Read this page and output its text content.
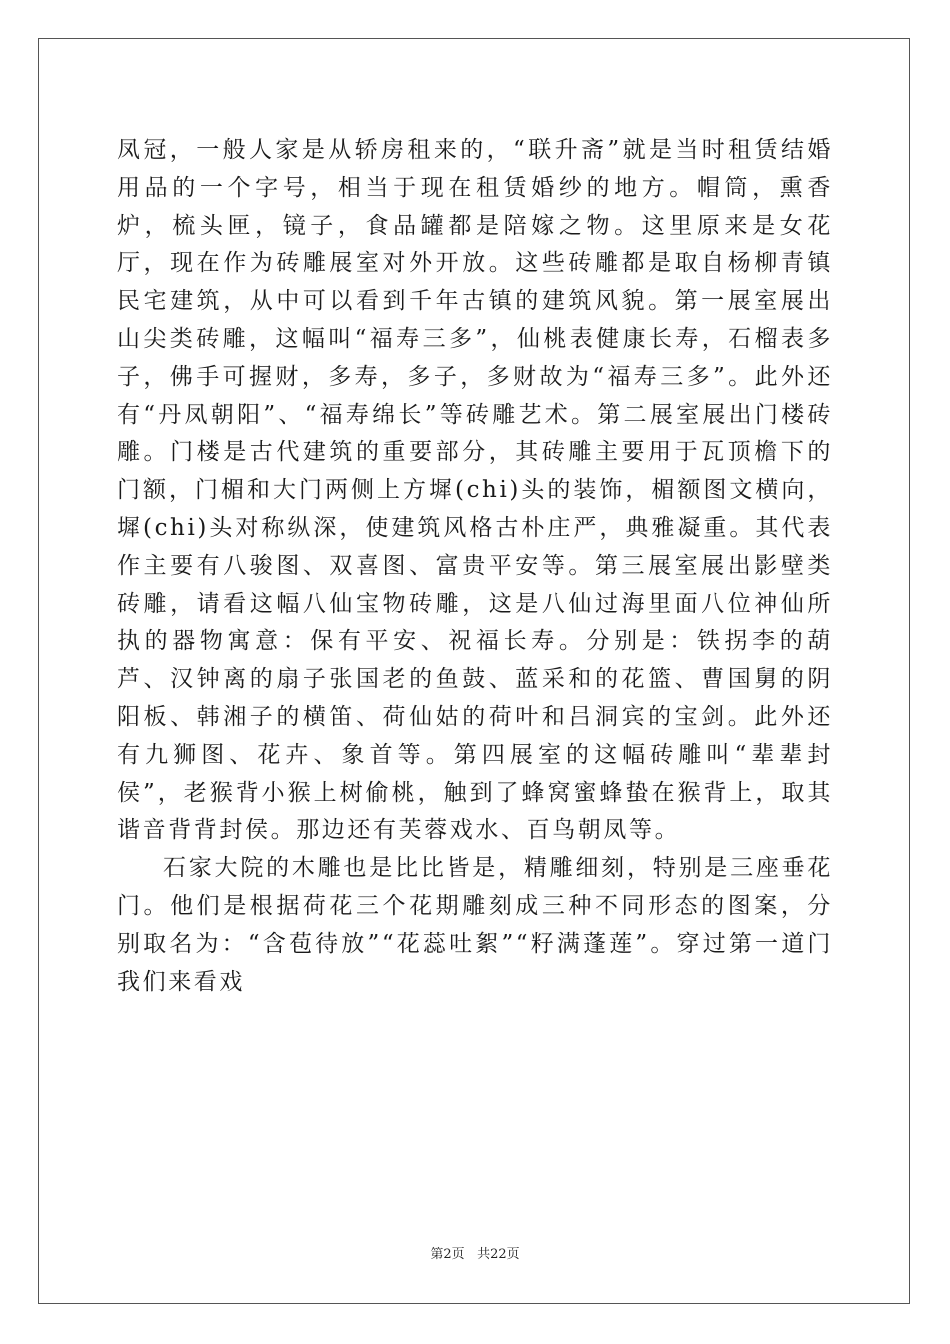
凤冠，一般人家是从轿房租来的，“联升斋”就是当时租赁结婚用品的一个字号，相当于现在租赁婚纱的地方。帽筒，熏香炉，梳头匣，镜子，食品罐都是陪嫁之物。这里原来是女花厅，现在作为砖雕展室对外开放。这些砖雕都是取自杨柳青镇民宅建筑，从中可以看到千年古镇的建筑风貌。第一展室展出山尖类砖雕，这幅叫“福寿三多”，仙桃表健康长寿，石榴表多子，佛手可握财，多寿，多子，多财故为“福寿三多”。此外还有“丹凤朝阳”、“福寿绵长”等砖雕艺术。第二展室展出门楼砖雕。门楼是古代建筑的重要部分，其砖雕主要用于瓦顶檐下的门额，门楣和大门两侧上方墀(chi)头的装饰，楣额图文横向，墀(chi)头对称纵深，使建筑风格古朴庄严，典雅凝重。其代表作主要有八骏图、双喜图、富贵平安等。第三展室展出影壁类砖雕，请看这幅八仙宝物砖雕，这是八仙过海里面八位神仙所执的器物寓意：保有平安、祝福长寿。分别是：铁拐李的葫芦、汉钟离的扇子张国老的鱼鼓、蓝采和的花篮、曹国舅的阴阳板、韩湘子的横笛、荷仙姑的荷叶和吕洞宾的宝剑。此外还有九狮图、花卉、象首等。第四展室的这幅砖雕叫“辈辈封侯”，老猴背小猴上树偷桃，触到了蜂窝蜜蜂蛰在猴背上，取其谐音背背封侯。那边还有芙蓉戏水、百鸟朝凤等。

石家大院的木雕也是比比皆是，精雕细刻，特别是三座垂花门。他们是根据荷花三个花期雕刻成三种不同形态的图案，分别取名为：“含苞待放”“花蕊吐絮”“籽满蓬莲”。穿过第一道门我们来看戏

第2页 共22页
